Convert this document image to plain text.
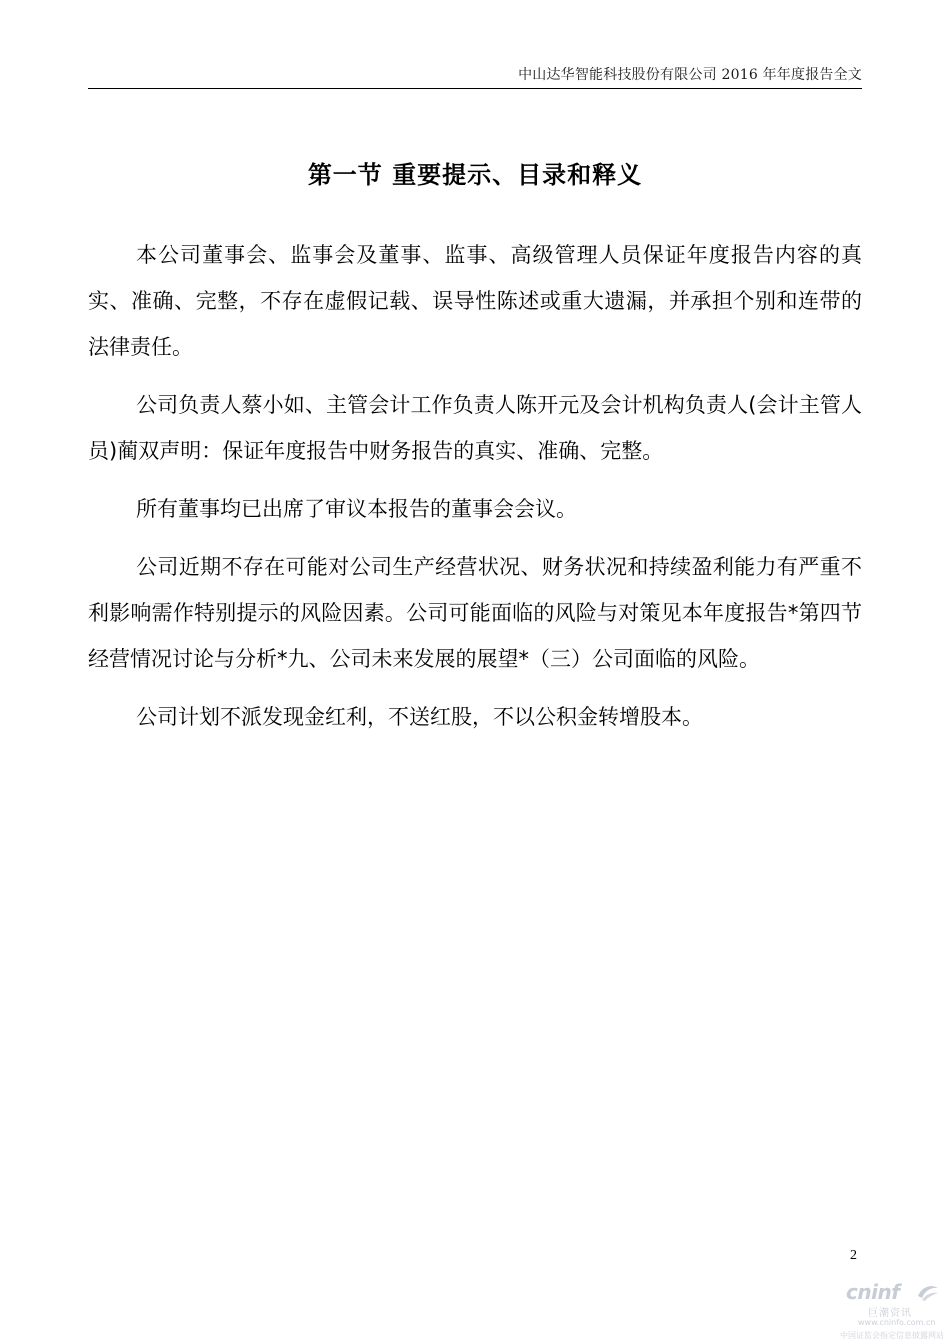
中山达华智能科技股份有限公司 2016 年年度报告全文
第一节 重要提示、目录和释义

本公司董事会、监事会及董事、监事、高级管理人员保证年度报告内容的真实、准确、完整，不存在虚假记载、误导性陈述或重大遗漏，并承担个别和连带的法律责任。

公司负责人蔡小如、主管会计工作负责人陈开元及会计机构负责人(会计主管人员)蔺双声明：保证年度报告中财务报告的真实、准确、完整。

所有董事均已出席了审议本报告的董事会会议。

公司近期不存在可能对公司生产经营状况、财务状况和持续盈利能力有严重不利影响需作特别提示的风险因素。公司可能面临的风险与对策见本年度报告*第四节 经营情况讨论与分析*九、公司未来发展的展望*（三）公司面临的风险。

公司计划不派发现金红利，不送红股，不以公积金转增股本。

2
cninf
巨潮资讯
www.cninfo.com.cn
中国证监会指定信息披露网站
